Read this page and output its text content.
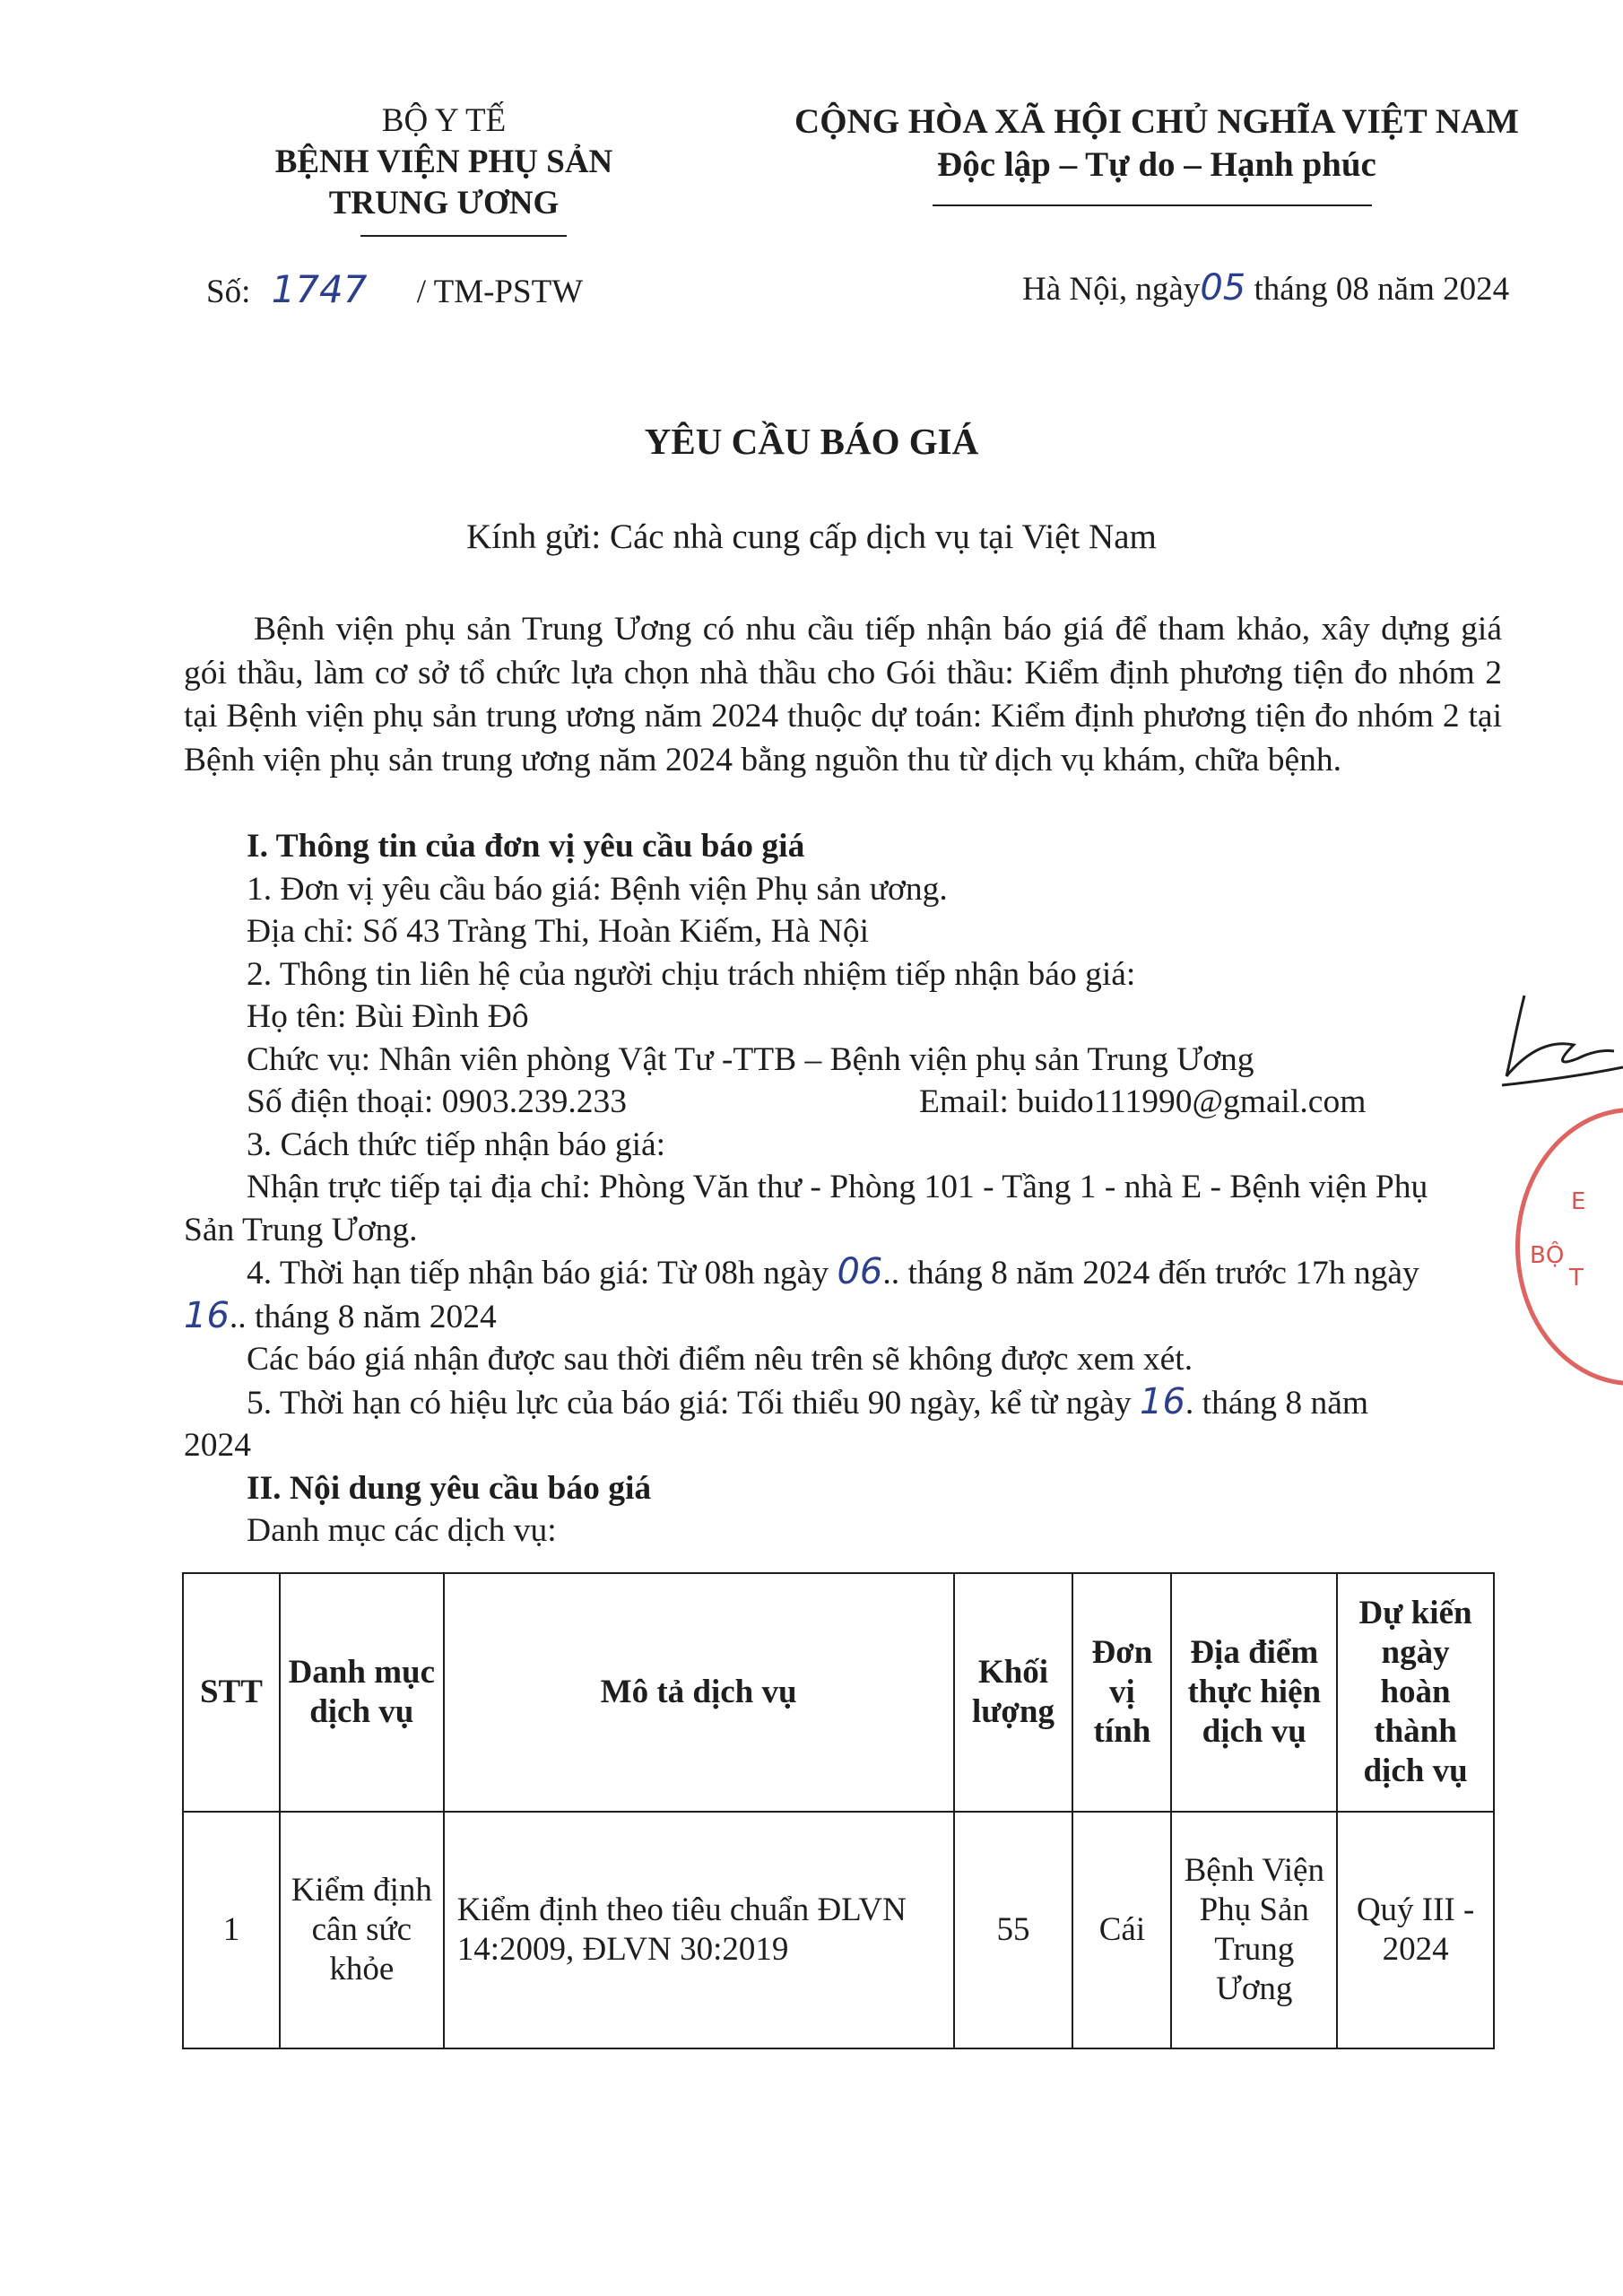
BỘ Y TẾ
BỆNH VIỆN PHỤ SẢN
TRUNG ƯƠNG
CỘNG HÒA XÃ HỘI CHỦ NGHĨA VIỆT NAM
Độc lập – Tự do – Hạnh phúc
Số: 1747 / TM-PSTW	Hà Nội, ngày05 tháng 08 năm 2024
YÊU CẦU BÁO GIÁ
Kính gửi: Các nhà cung cấp dịch vụ tại Việt Nam

Bệnh viện phụ sản Trung Ương có nhu cầu tiếp nhận báo giá để tham khảo, xây dựng giá gói thầu, làm cơ sở tổ chức lựa chọn nhà thầu cho Gói thầu: Kiểm định phương tiện đo nhóm 2 tại Bệnh viện phụ sản trung ương năm 2024 thuộc dự toán: Kiểm định phương tiện đo nhóm 2 tại Bệnh viện phụ sản trung ương năm 2024 bằng nguồn thu từ dịch vụ khám, chữa bệnh.

I. Thông tin của đơn vị yêu cầu báo giá
1. Đơn vị yêu cầu báo giá: Bệnh viện Phụ sản ương.
Địa chỉ: Số 43 Tràng Thi, Hoàn Kiếm, Hà Nội
2. Thông tin liên hệ của người chịu trách nhiệm tiếp nhận báo giá:
Họ tên: Bùi Đình Đô
Chức vụ: Nhân viên phòng Vật Tư -TTB – Bệnh viện phụ sản Trung Ương
Số điện thoại: 0903.239.233	Email: buido111990@gmail.com
3. Cách thức tiếp nhận báo giá:
Nhận trực tiếp tại địa chỉ: Phòng Văn thư - Phòng 101 - Tầng 1 - nhà E - Bệnh viện Phụ
Sản Trung Ương.
4. Thời hạn tiếp nhận báo giá: Từ 08h ngày 06.. tháng 8 năm 2024 đến trước 17h ngày
16.. tháng 8 năm 2024
Các báo giá nhận được sau thời điểm nêu trên sẽ không được xem xét.
5. Thời hạn có hiệu lực của báo giá: Tối thiểu 90 ngày, kể từ ngày 16. tháng 8 năm
2024
II. Nội dung yêu cầu báo giá
Danh mục các dịch vụ:
STT	Danh mục dịch vụ	Mô tả dịch vụ	Khối lượng	Đơn vị tính	Địa điểm thực hiện dịch vụ	Dự kiến ngày hoàn thành dịch vụ
1	Kiểm định cân sức khỏe	Kiểm định theo tiêu chuẩn ĐLVN 14:2009, ĐLVN 30:2019	55	Cái	Bệnh Viện Phụ Sản Trung Ương	Quý III - 2024
BỘ
T
E
